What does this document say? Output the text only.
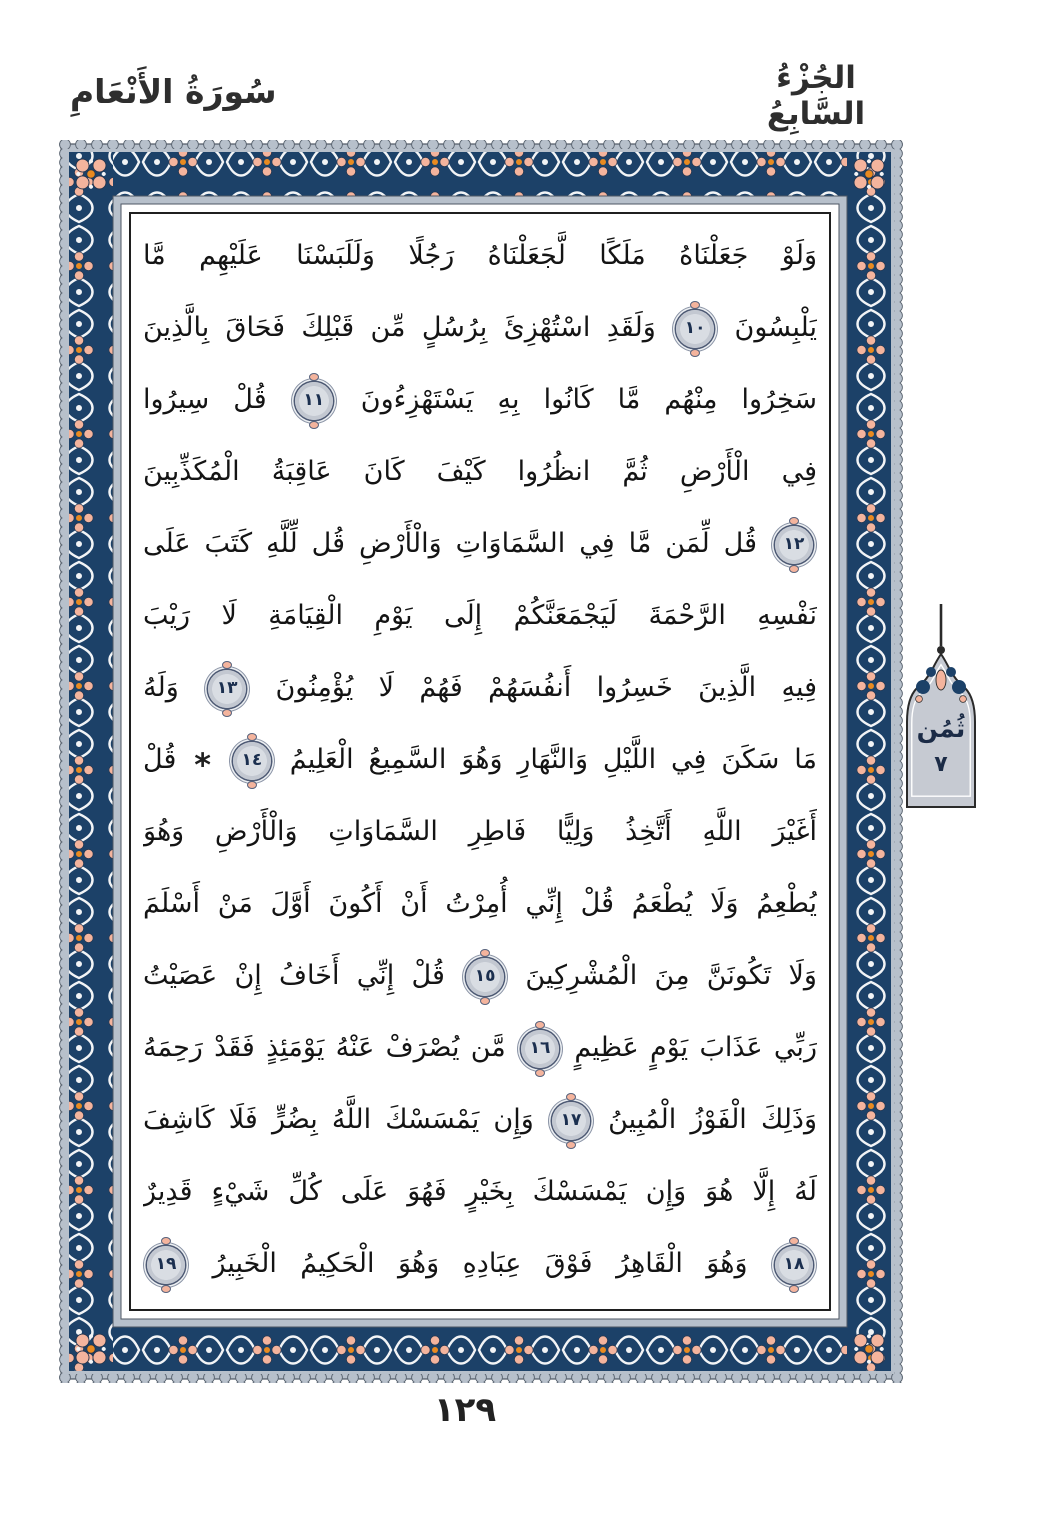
سُورَةُ الأَنْعَامِ	الجُزْءُ السَّابِعُ
وَلَوْ جَعَلْنَاهُ مَلَكًا لَّجَعَلْنَاهُ رَجُلًا وَلَلَبَسْنَا عَلَيْهِم مَّا
يَلْبِسُونَ
١٠
وَلَقَدِ اسْتُهْزِئَ بِرُسُلٍ مِّن قَبْلِكَ فَحَاقَ بِالَّذِينَ
سَخِرُوا مِنْهُم مَّا كَانُوا بِهِ يَسْتَهْزِءُونَ
١١
قُلْ سِيرُوا
فِي الْأَرْضِ ثُمَّ انظُرُوا كَيْفَ كَانَ عَاقِبَةُ الْمُكَذِّبِينَ
١٢
قُل لِّمَن مَّا فِي السَّمَاوَاتِ وَالْأَرْضِ قُل لِّلَّهِ كَتَبَ عَلَى
نَفْسِهِ الرَّحْمَةَ لَيَجْمَعَنَّكُمْ إِلَى يَوْمِ الْقِيَامَةِ لَا رَيْبَ
فِيهِ الَّذِينَ خَسِرُوا أَنفُسَهُمْ فَهُمْ لَا يُؤْمِنُونَ
١٣
وَلَهُ
مَا سَكَنَ فِي اللَّيْلِ وَالنَّهَارِ وَهُوَ السَّمِيعُ الْعَلِيمُ
١٤
* قُلْ
أَغَيْرَ اللَّهِ أَتَّخِذُ وَلِيًّا فَاطِرِ السَّمَاوَاتِ وَالْأَرْضِ وَهُوَ
يُطْعِمُ وَلَا يُطْعَمُ قُلْ إِنِّي أُمِرْتُ أَنْ أَكُونَ أَوَّلَ مَنْ أَسْلَمَ
وَلَا تَكُونَنَّ مِنَ الْمُشْرِكِينَ
١٥
قُلْ إِنِّي أَخَافُ إِنْ عَصَيْتُ
رَبِّي عَذَابَ يَوْمٍ عَظِيمٍ
١٦
مَّن يُصْرَفْ عَنْهُ يَوْمَئِذٍ فَقَدْ رَحِمَهُ
وَذَلِكَ الْفَوْزُ الْمُبِينُ
١٧
وَإِن يَمْسَسْكَ اللَّهُ بِضُرٍّ فَلَا كَاشِفَ
لَهُ إِلَّا هُوَ وَإِن يَمْسَسْكَ بِخَيْرٍ فَهُوَ عَلَى كُلِّ شَيْءٍ قَدِيرٌ
١٨
وَهُوَ الْقَاهِرُ فَوْقَ عِبَادِهِ وَهُوَ الْحَكِيمُ الْخَبِيرُ
١٩
ثُمُن
٧
١٢٩
